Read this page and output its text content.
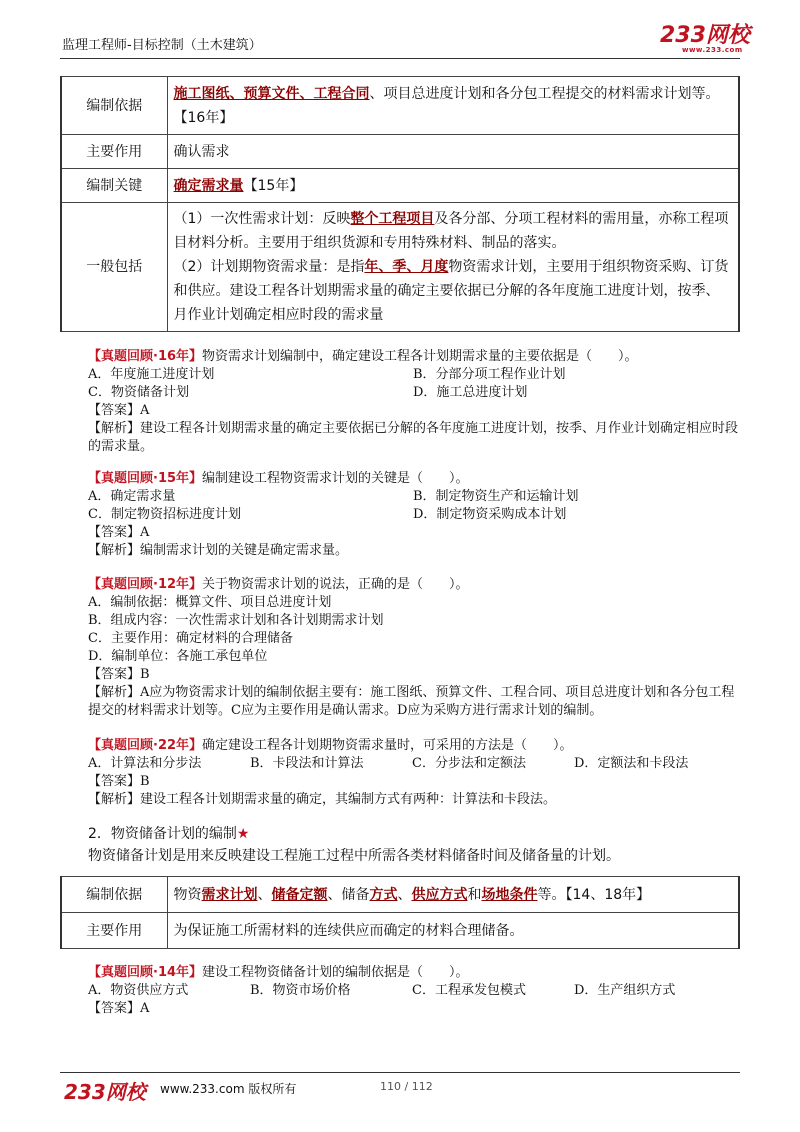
监理工程师-目标控制（土木建筑）	233网校
www.233.com
编制依据	施工图纸、预算文件、工程合同、项目总进度计划和各分包工程提交的材料需求计划等。【16年】
主要作用	确认需求
编制关键	确定需求量【15年】
一般包括	（1）一次性需求计划：反映整个工程项目及各分部、分项工程材料的需用量，亦称工程项目材料分析。主要用于组织货源和专用特殊材料、制品的落实。
（2）计划期物资需求量：是指年、季、月度物资需求计划，主要用于组织物资采购、订货和供应。建设工程各计划期需求量的确定主要依据已分解的各年度施工进度计划，按季、月作业计划确定相应时段的需求量
【真题回顾·16年】物资需求计划编制中，确定建设工程各计划期需求量的主要依据是（　　）。
A．年度施工进度计划	B．分部分项工程作业计划
C．物资储备计划	D．施工总进度计划
【答案】A
【解析】建设工程各计划期需求量的确定主要依据已分解的各年度施工进度计划，按季、月作业计划确定相应时段的需求量。
【真题回顾·15年】编制建设工程物资需求计划的关键是（　　）。
A．确定需求量	B．制定物资生产和运输计划
C．制定物资招标进度计划	D．制定物资采购成本计划
【答案】A
【解析】编制需求计划的关键是确定需求量。
【真题回顾·12年】关于物资需求计划的说法，正确的是（　　）。
A．编制依据：概算文件、项目总进度计划
B．组成内容：一次性需求计划和各计划期需求计划
C．主要作用：确定材料的合理储备
D．编制单位：各施工承包单位
【答案】B
【解析】A应为物资需求计划的编制依据主要有：施工图纸、预算文件、工程合同、项目总进度计划和各分包工程提交的材料需求计划等。C应为主要作用是确认需求。D应为采购方进行需求计划的编制。
【真题回顾·22年】确定建设工程各计划期物资需求量时，可采用的方法是（　　）。
A．计算法和分步法	B．卡段法和计算法	C．分步法和定额法	D．定额法和卡段法
【答案】B
【解析】建设工程各计划期需求量的确定，其编制方式有两种：计算法和卡段法。
2．物资储备计划的编制★
物资储备计划是用来反映建设工程施工过程中所需各类材料储备时间及储备量的计划。
编制依据	物资需求计划、储备定额、储备方式、供应方式和场地条件等。【14、18年】
主要作用	为保证施工所需材料的连续供应而确定的材料合理储备。
【真题回顾·14年】建设工程物资储备计划的编制依据是（　　）。
A．物资供应方式	B．物资市场价格	C．工程承发包模式	D．生产组织方式
【答案】A
233网校 www.233.com 版权所有	110 / 112
